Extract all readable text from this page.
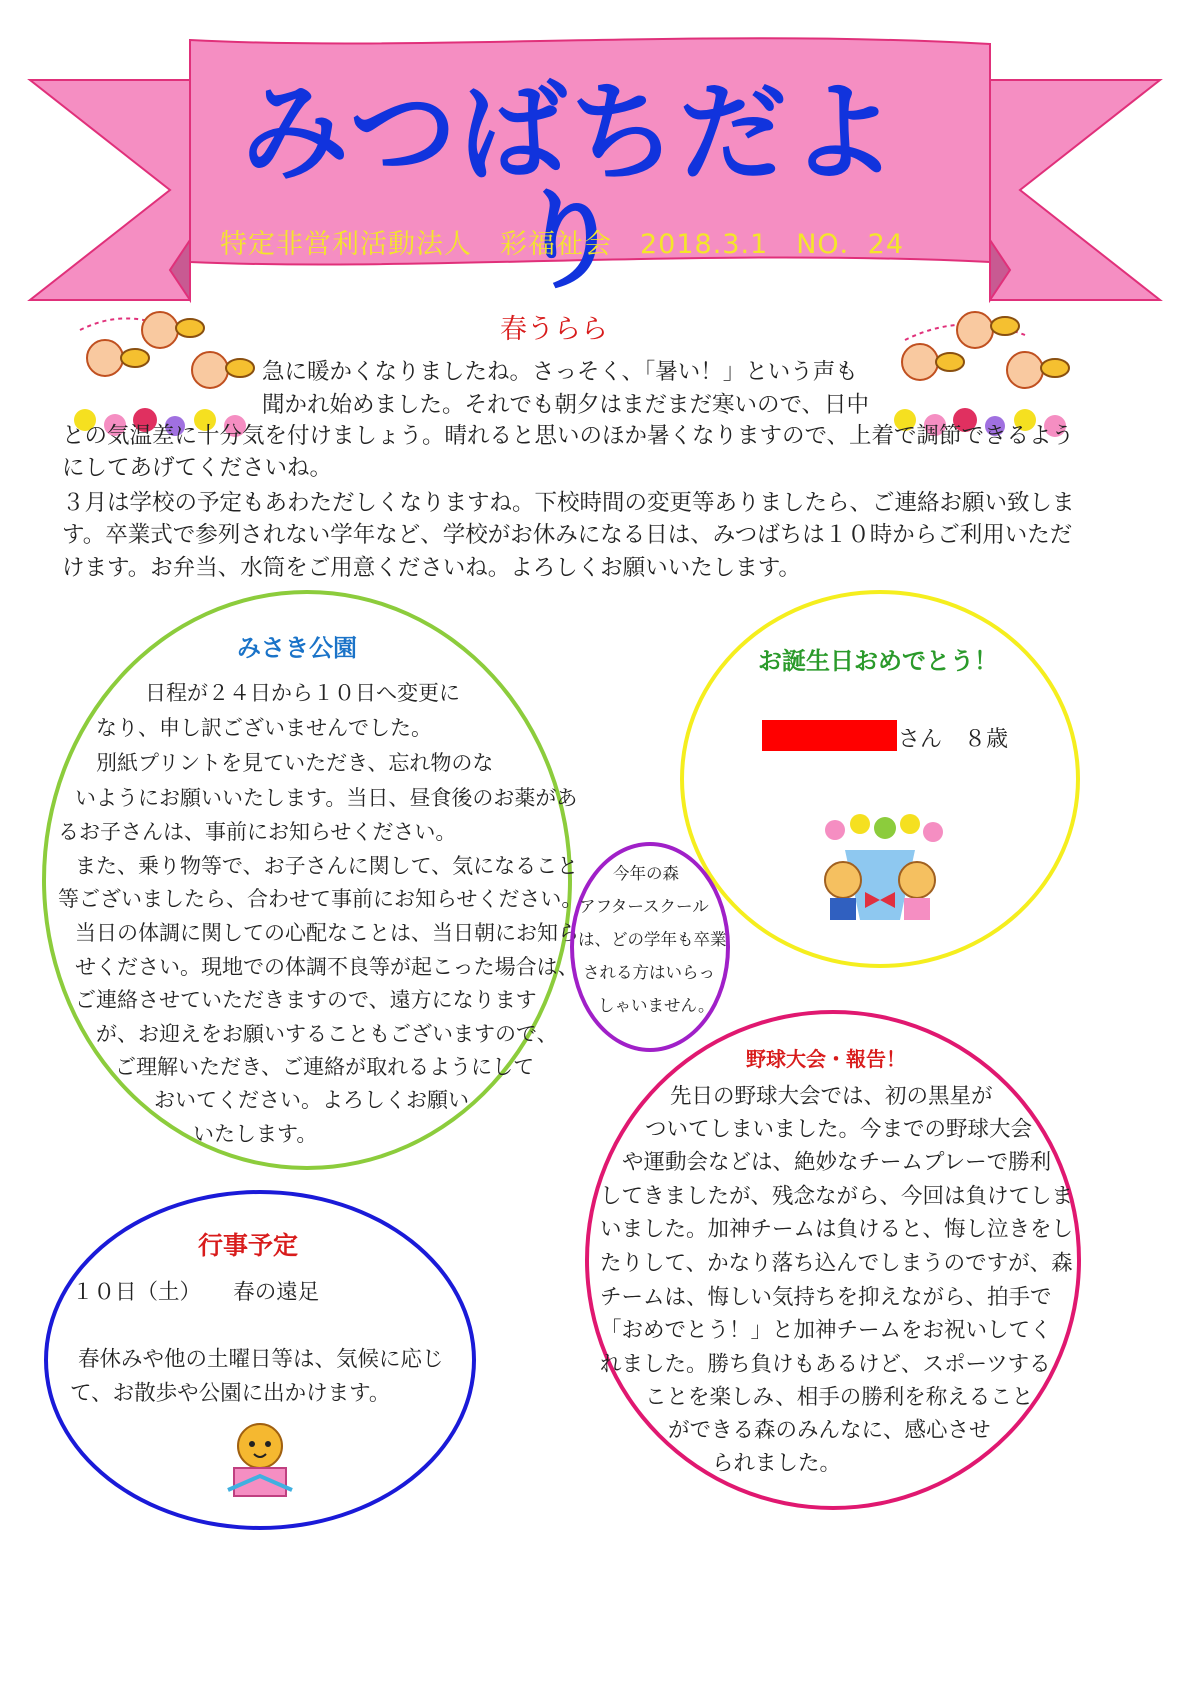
みつばちだより
特定非営利活動法人　彩福祉会　2018.3.1　NO．24
春うらら
急に暖かくなりましたね。さっそく、「暑い！」という声も
聞かれ始めました。それでも朝夕はまだまだ寒いので、日中
との気温差に十分気を付けましょう。晴れると思いのほか暑くなりますので、上着で調節できるよう
にしてあげてくださいね。
３月は学校の予定もあわただしくなりますね。下校時間の変更等ありましたら、ご連絡お願い致しま
す。卒業式で参列されない学年など、学校がお休みになる日は、みつばちは１０時からご利用いただ
けます。お弁当、水筒をご用意くださいね。よろしくお願いいたします。
みさき公園
日程が２４日から１０日へ変更に
なり、申し訳ございませんでした。
別紙プリントを見ていただき、忘れ物のな
いようにお願いいたします。当日、昼食後のお薬があ
るお子さんは、事前にお知らせください。
また、乗り物等で、お子さんに関して、気になること
等ございましたら、合わせて事前にお知らせください。
当日の体調に関しての心配なことは、当日朝にお知ら
せください。現地での体調不良等が起こった場合は、
ご連絡させていただきますので、遠方になります
が、お迎えをお願いすることもございますので、
ご理解いただき、ご連絡が取れるようにして
おいてください。よろしくお願い
いたします。
お誕生日おめでとう！
さん　８歳
今年の森
アフタースクール
は、どの学年も卒業
される方はいらっ
しゃいません。
行事予定
１０日（土）　　春の遠足
春休みや他の土曜日等は、気候に応じ
て、お散歩や公園に出かけます。
野球大会・報告！
先日の野球大会では、初の黒星が
ついてしまいました。今までの野球大会
や運動会などは、絶妙なチームプレーで勝利
してきましたが、残念ながら、今回は負けてしま
いました。加神チームは負けると、悔し泣きをし
たりして、かなり落ち込んでしまうのですが、森
チームは、悔しい気持ちを抑えながら、拍手で
「おめでとう！」と加神チームをお祝いしてく
れました。勝ち負けもあるけど、スポーツする
ことを楽しみ、相手の勝利を称えること
ができる森のみんなに、感心させ
られました。
